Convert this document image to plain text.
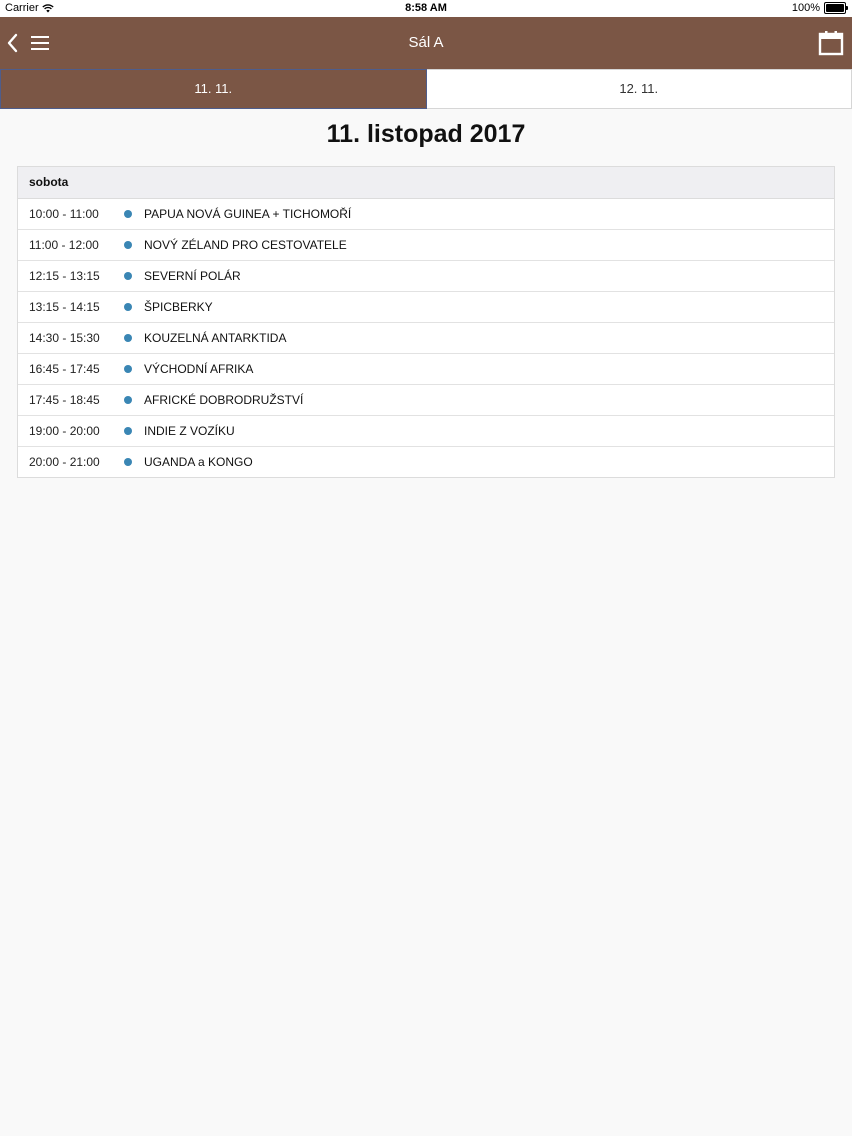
Carrier	8:58 AM	100%
Sál A
11. 11.	12. 11.
11. listopad 2017
sobota
10:00 - 11:00	PAPUA NOVÁ GUINEA + TICHOMOŘÍ
11:00 - 12:00	NOVÝ ZÉLAND PRO CESTOVATELE
12:15 - 13:15	SEVERNÍ POLÁR
13:15 - 14:15	ŠPICBERKY
14:30 - 15:30	KOUZELNÁ ANTARKTIDA
16:45 - 17:45	VÝCHODNÍ AFRIKA
17:45 - 18:45	AFRICKÉ DOBRODRUŽSTVÍ
19:00 - 20:00	INDIE Z VOZÍKU
20:00 - 21:00	UGANDA a KONGO
